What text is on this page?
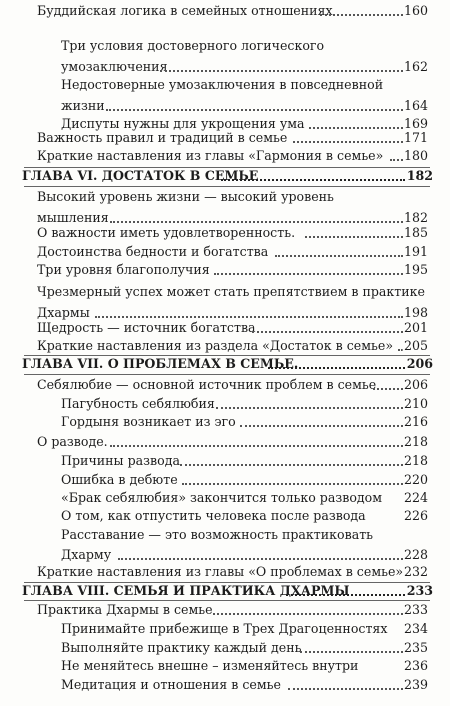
Буддийская логика в семейных отношениях	160
Три условия достоверного логического
умозаключения	162
Недостоверные умозаключения в повседневной
жизни	164
Диспуты нужны для укрощения ума	169
Важность правил и традиций в семье	171
Краткие наставления из главы «Гармония в семье» 180
ГЛАВА VI. ДОСТАТОК В СЕМЬЕ	182
Высокий уровень жизни — высокий уровень
мышления	182
О важности иметь удовлетворенность.	185
Достоинства бедности и богатства	191
Три уровня благополучия	195
Чрезмерный успех может стать препятствием в практике
Дхармы	198
Щедрость — источник богатства	201
Краткие наставления из раздела «Достаток в семье» 205
ГЛАВА VII. О ПРОБЛЕМАХ В СЕМЬЕ.	206
Себялюбие — основной источник проблем в семье 206
Пагубность себялюбия	210
Гордыня возникает из эго	216
О разводе.	218
Причины развода	218
Ошибка в дебюте	220
«Брак себялюбия» закончится только разводом 224
О том, как отпустить человека после развода	226
Расставание — это возможность практиковать
Дхарму	228
Краткие наставления из главы «О проблемах в семье» 232
ГЛАВА VIII. СЕМЬЯ И ПРАКТИКА ДХАРМЫ	233
Практика Дхармы в семье	233
Принимайте прибежище в Трех Драгоценностях 234
Выполняйте практику каждый день	235
Не меняйтесь внешне – изменяйтесь внутри	236
Медитация и отношения в семье	239
